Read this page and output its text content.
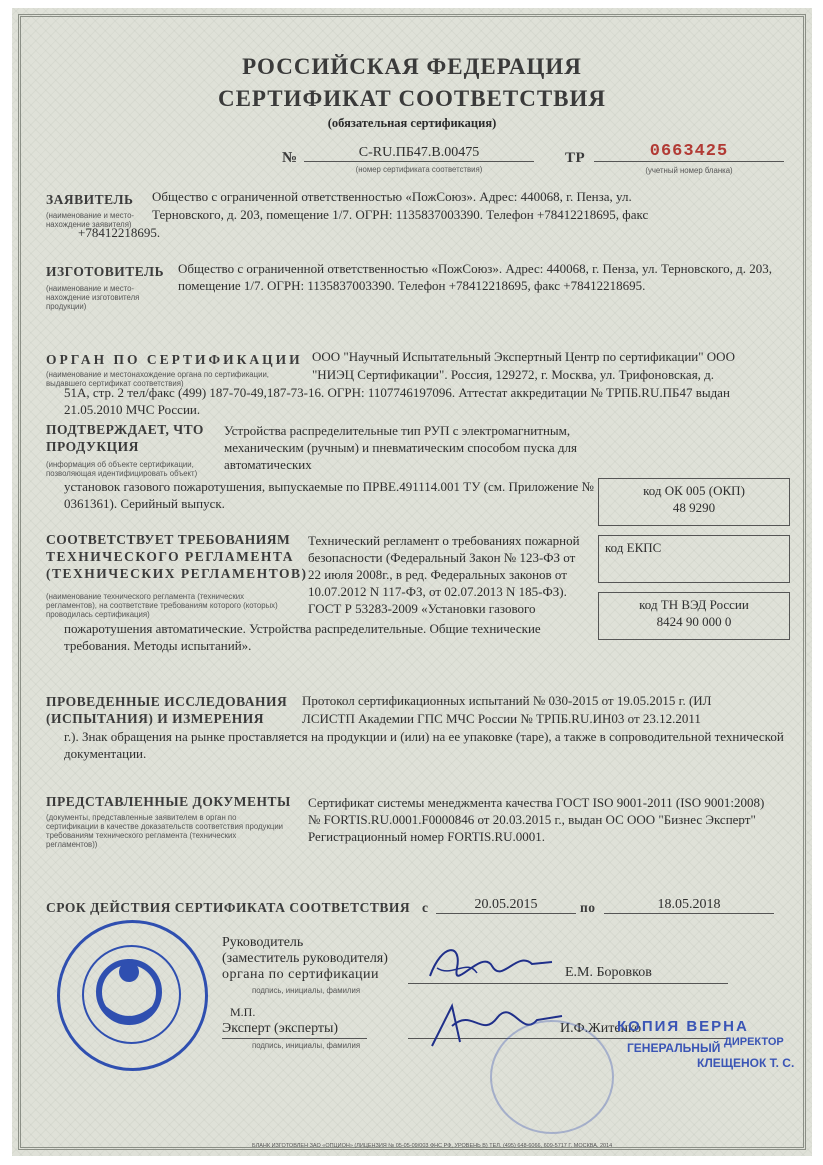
РОССИЙСКАЯ ФЕДЕРАЦИЯ
СЕРТИФИКАТ СООТВЕТСТВИЯ
(обязательная сертификация)
№	C-RU.ПБ47.В.00475
(номер сертификата соответствия)
ТР	0663425
(учетный номер бланка)
ЗАЯВИТЕЛЬ
(наименование и место-нахождение заявителя)
Общество с ограниченной ответственностью «ПожСоюз». Адрес: 440068, г. Пенза, ул.
Терновского, д. 203, помещение 1/7. ОГРН: 1135837003390. Телефон +78412218695, факс
+78412218695.
ИЗГОТОВИТЕЛЬ
(наименование и место-нахождение изготовителя продукции)
Общество с ограниченной ответственностью «ПожСоюз». Адрес: 440068, г. Пенза, ул. Терновского, д. 203, помещение 1/7. ОГРН: 1135837003390. Телефон +78412218695, факс +78412218695.
ОРГАН ПО СЕРТИФИКАЦИИ
(наименование и местонахождение органа по сертификации, выдавшего сертификат соответствия)
ООО "Научный Испытательный Экспертный Центр по сертификации" ООО
"НИЭЦ Сертификации". Россия, 129272, г. Москва, ул. Трифоновская, д.
51А, стр. 2 тел/факс (499) 187-70-49,187-73-16. ОГРН: 1107746197096. Аттестат аккредитации № ТРПБ.RU.ПБ47 выдан 21.05.2010 МЧС России.
ПОДТВЕРЖДАЕТ, ЧТО
ПРОДУКЦИЯ
(информация об объекте сертификации, позволяющая идентифицировать объект)
Устройства распределительные тип РУП с электромагнитным, механическим (ручным) и пневматическим способом пуска для автоматических
установок газового пожаротушения, выпускаемые по ПРВЕ.491114.001 ТУ (см. Приложение № 0361361). Серийный выпуск.
код ОК 005 (ОКП)
48 9290
код ЕКПС
код ТН ВЭД России
8424 90 000 0
СООТВЕТСТВУЕТ ТРЕБОВАНИЯМ
ТЕХНИЧЕСКОГО РЕГЛАМЕНТА
(ТЕХНИЧЕСКИХ РЕГЛАМЕНТОВ)
(наименование технического регламента (технических регламентов), на соответствие требованиям которого (которых) проводилась сертификация)
Технический регламент о требованиях пожарной безопасности (Федеральный Закон № 123-ФЗ от 22 июля 2008г., в ред. Федеральных законов от 10.07.2012 N 117-ФЗ, от 02.07.2013 N 185-ФЗ). ГОСТ Р 53283-2009 «Установки газового
пожаротушения автоматические. Устройства распределительные. Общие технические требования. Методы испытаний».
ПРОВЕДЕННЫЕ ИССЛЕДОВАНИЯ
(ИСПЫТАНИЯ) И ИЗМЕРЕНИЯ
Протокол сертификационных испытаний № 030-2015 от 19.05.2015 г. (ИЛ
ЛСИСТП Академии ГПС МЧС России № ТРПБ.RU.ИН03 от 23.12.2011
г.). Знак обращения на рынке проставляется на продукции и (или) на ее упаковке (таре), а также в сопроводительной технической документации.
ПРЕДСТАВЛЕННЫЕ ДОКУМЕНТЫ
(документы, представленные заявителем в орган по сертификации в качестве доказательств соответствия продукции требованиям технического регламента (технических регламентов))
Сертификат системы менеджмента качества ГОСТ ISO 9001-2011 (ISO 9001:2008) № FORTIS.RU.0001.F0000846 от 20.03.2015 г., выдан ОС ООО "Бизнес Эксперт" Регистрационный номер FORTIS.RU.0001.
СРОК ДЕЙСТВИЯ СЕРТИФИКАТА СООТВЕТСТВИЯ с	20.05.2015	по	18.05.2018
Руководитель
(заместитель руководителя)
органа по сертификации
подпись, инициалы, фамилия
Е.М. Боровков
М.П.
Эксперт (эксперты)
подпись, инициалы, фамилия
И.Ф.Житенко
КОПИЯ ВЕРНА
ГЕНЕРАЛЬНЫЙ ДИРЕКТОР
КЛЕЩЕНОК Т. С.
БЛАНК ИЗГОТОВЛЕН ЗАО «ОПЦИОН» (ЛИЦЕНЗИЯ № 05-05-09/003 ФНС РФ, УРОВЕНЬ В) ТЕЛ. (495) 648-6066, 609-5717 Г. МОСКВА, 2014
